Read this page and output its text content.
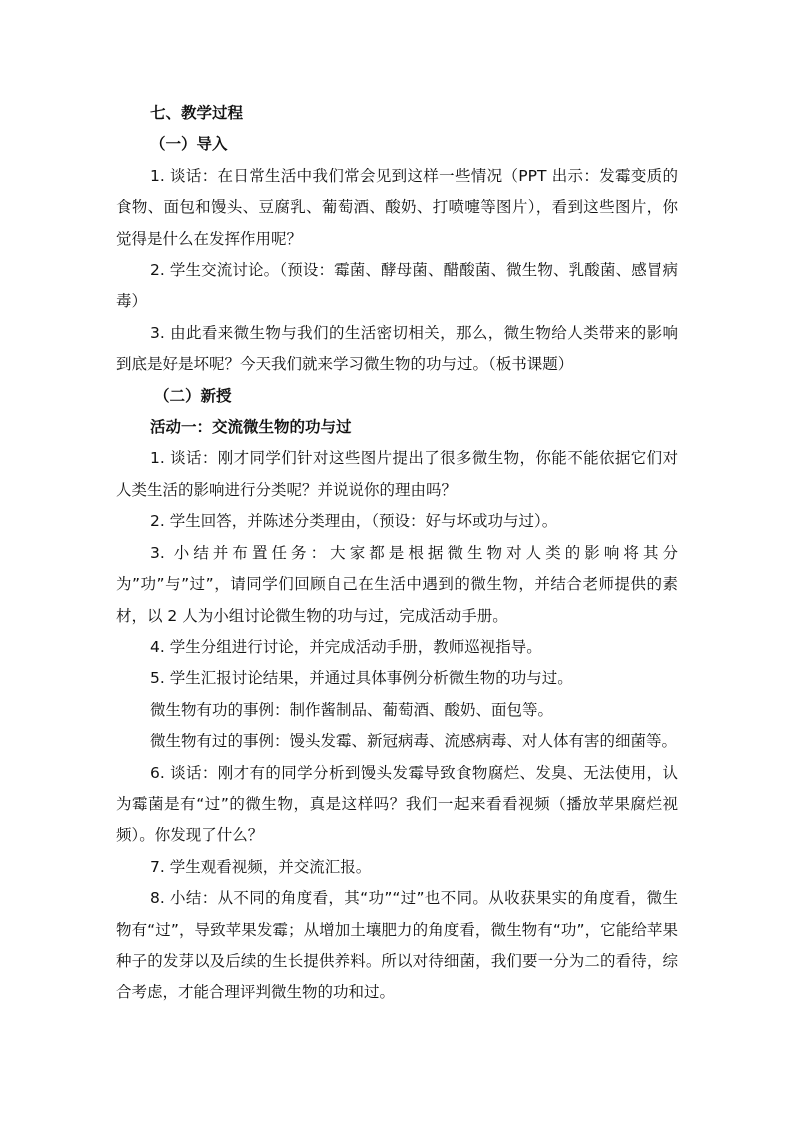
七、教学过程

（一）导入

1. 谈话：在日常生活中我们常会见到这样一些情况（PPT 出示：发霉变质的食物、面包和馒头、豆腐乳、葡萄酒、酸奶、打喷嚏等图片），看到这些图片，你觉得是什么在发挥作用呢？

2. 学生交流讨论。（预设：霉菌、酵母菌、醋酸菌、微生物、乳酸菌、感冒病毒）

3. 由此看来微生物与我们的生活密切相关，那么，微生物给人类带来的影响到底是好是坏呢？今天我们就来学习微生物的功与过。（板书课题）

（二）新授

活动一：交流微生物的功与过

1. 谈话：刚才同学们针对这些图片提出了很多微生物，你能不能依据它们对人类生活的影响进行分类呢？并说说你的理由吗？

2. 学生回答，并陈述分类理由，（预设：好与坏或功与过）。

3. 小结并布置任务：大家都是根据微生物对人类的影响将其分为”功”与”过”，请同学们回顾自己在生活中遇到的微生物，并结合老师提供的素材，以 2 人为小组讨论微生物的功与过，完成活动手册。

4. 学生分组进行讨论，并完成活动手册，教师巡视指导。

5. 学生汇报讨论结果，并通过具体事例分析微生物的功与过。

微生物有功的事例：制作酱制品、葡萄酒、酸奶、面包等。

微生物有过的事例：馒头发霉、新冠病毒、流感病毒、对人体有害的细菌等。

6. 谈话：刚才有的同学分析到馒头发霉导致食物腐烂、发臭、无法使用，认为霉菌是有“过”的微生物，真是这样吗？我们一起来看看视频（播放苹果腐烂视频）。你发现了什么？

7. 学生观看视频，并交流汇报。

8. 小结：从不同的角度看，其“功”“过”也不同。从收获果实的角度看，微生物有“过”，导致苹果发霉；从增加土壤肥力的角度看，微生物有“功”，它能给苹果种子的发芽以及后续的生长提供养料。所以对待细菌，我们要一分为二的看待，综合考虑，才能合理评判微生物的功和过。
